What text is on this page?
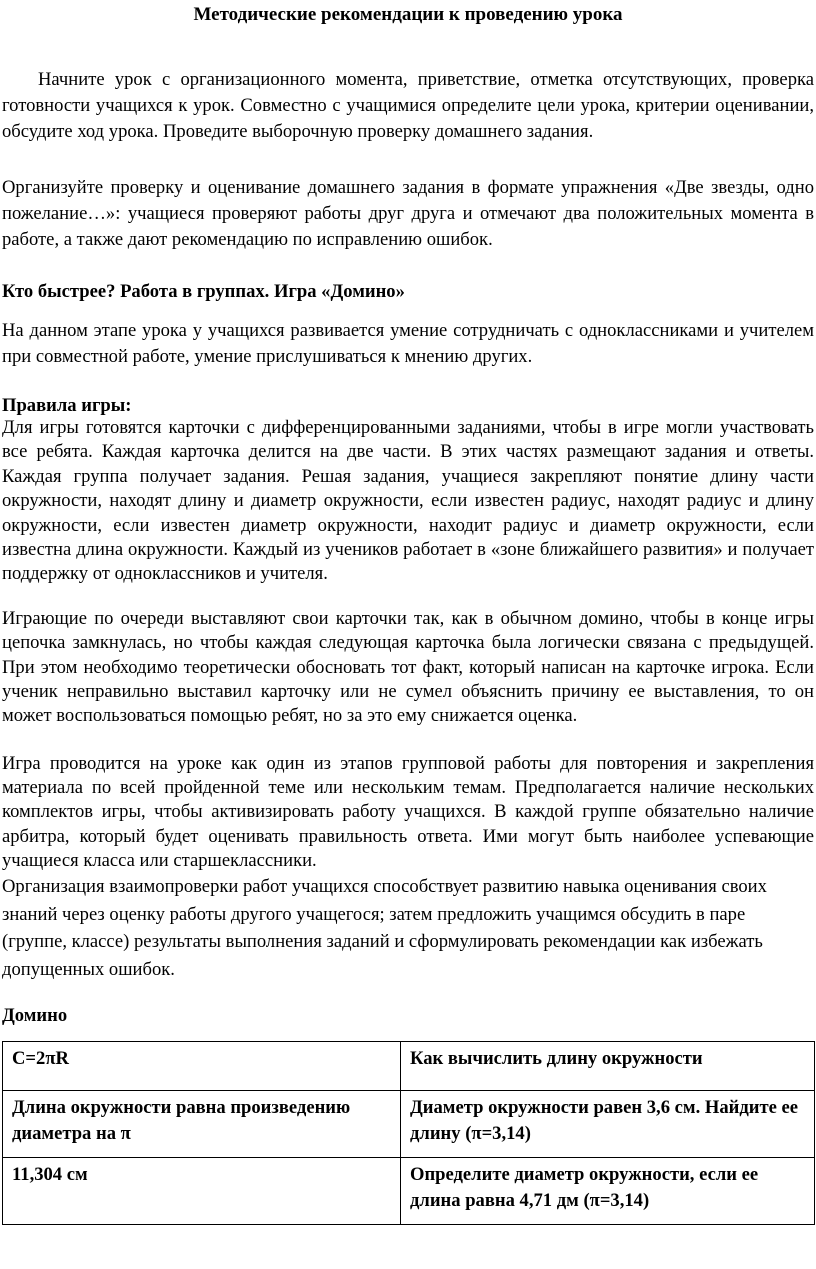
Методические рекомендации к проведению урока

Начните урок с организационного момента, приветствие, отметка отсутствующих, проверка готовности учащихся к урок. Совместно с учащимися определите цели урока, критерии оценивании, обсудите ход урока. Проведите выборочную проверку домашнего задания.

Организуйте проверку и оценивание домашнего задания в формате упражнения «Две звезды, одно пожелание…»: учащиеся проверяют работы друг друга и отмечают два положительных момента в работе, а также дают рекомендацию по исправлению ошибок.

Кто быстрее? Работа в группах. Игра «Домино»

На данном этапе урока у учащихся развивается умение сотрудничать с одноклассниками и учителем при совместной работе, умение прислушиваться к мнению других.

Правила игры:

Для игры готовятся карточки с дифференцированными заданиями, чтобы в игре могли участвовать все ребята. Каждая карточка делится на две части. В этих частях размещают задания и ответы. Каждая группа получает задания. Решая задания, учащиеся закрепляют понятие длину части окружности, находят длину и диаметр окружности, если известен радиус, находят радиус и длину окружности, если известен диаметр окружности, находит радиус и диаметр окружности, если известна длина окружности. Каждый из учеников работает в «зоне ближайшего развития» и получает поддержку от одноклассников и учителя.

Играющие по очереди выставляют свои карточки так, как в обычном домино, чтобы в конце игры цепочка замкнулась, но чтобы каждая следующая карточка была логически связана с предыдущей. При этом необходимо теоретически обосновать тот факт, который написан на карточке игрока. Если ученик неправильно выставил карточку или не сумел объяснить причину ее выставления, то он может воспользоваться помощью ребят, но за это ему снижается оценка.

Игра проводится на уроке как один из этапов групповой работы для повторения и закрепления материала по всей пройденной теме или нескольким темам. Предполагается наличие нескольких комплектов игры, чтобы активизировать работу учащихся. В каждой группе обязательно наличие арбитра, который будет оценивать правильность ответа. Ими могут быть наиболее успевающие учащиеся класса или старшеклассники.

Организация взаимопроверки работ учащихся способствует развитию навыка оценивания своих знаний через оценку работы другого учащегося; затем предложить учащимся обсудить в паре (группе, классе) результаты выполнения заданий и сформулировать рекомендации как избежать допущенных ошибок.

Домино
C=2πR	Как вычислить длину окружности
Длина окружности равна произведению диаметра на π	Диаметр окружности равен 3,6 см. Найдите ее длину (π=3,14)
11,304 см	Определите диаметр окружности, если ее длина равна 4,71 дм (π=3,14)
